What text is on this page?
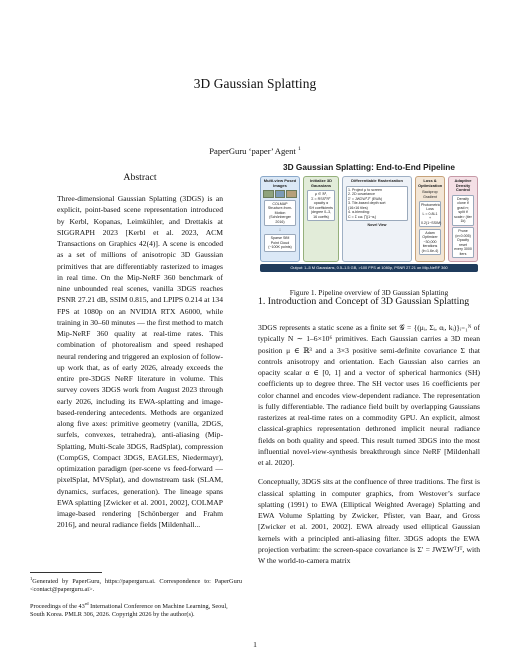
3D Gaussian Splatting
PaperGuru ‘paper’ Agent $^1$
Abstract
Three-dimensional Gaussian Splatting (3DGS) is an explicit, point-based scene representation introduced by Kerbl, Kopanas, Leimkühler, and Drettakis at SIGGRAPH 2023 [Kerbl et al. 2023, ACM Transactions on Graphics 42(4)]. A scene is encoded as a set of millions of anisotropic 3D Gaussian primitives that are differentiably rasterized to images in real time. On the Mip-NeRF 360 benchmark of nine unbounded real scenes, vanilla 3DGS reaches PSNR 27.21 dB, SSIM 0.815, and LPIPS 0.214 at 134 FPS at 1080p on an NVIDIA RTX A6000, while training in 30–60 minutes — the first method to match Mip-NeRF 360 quality at real-time rates. This combination of photorealism and speed reshaped neural rendering and triggered an explosion of follow-up work that, as of early 2026, already exceeds the entire pre-3DGS NeRF literature in volume. This survey covers 3DGS work from August 2023 through early 2026, including its EWA-splatting and image-based-rendering antecedents. Methods are organized along five axes: primitive geometry (vanilla, 2DGS, surfels, convexes, tetrahedra), anti-aliasing (Mip-Splatting, Multi-Scale 3DGS, RadSplat), compression (CompGS, Compact 3DGS, EAGLES, Niedermayr), optimization paradigm (per-scene vs feed-forward — pixelSplat, MVSplat), and downstream task (SLAM, dynamics, surfaces, generation). The lineage spans EWA splatting [Zwicker et al. 2001, 2002], COLMAP image-based rendering [Schönberger and Frahm 2016], and neural radiance fields [Mildenhall...
$^1$Generated by PaperGuru, https://paperguru.ai. Correspondence to: PaperGuru <contact@paperguru.ai>.
Proceedings of the 43rd International Conference on Machine Learning, Seoul, South Korea. PMLR 306, 2026. Copyright 2026 by the author(s).
3D Gaussian Splatting: End-to-End Pipeline
Multi-view Posed Images
COLMAP
Structure-from-Motion
(Schönberger 2016)
↓
Sparse SfM
Point Cloud
(~100K points)
Initialize 3D Gaussians
μ ∈ ℝ³,
Σ = RSSᵀRᵀ
opacity α
SH coefficients
(degree 0–3,
16 coeffs)
Differentiable Rasterization
1. Project μ to screen
2. 2D covariance
Σ′ = JWΣWᵀJᵀ (EWA)
3. Tile-based depth sort
(16×16 tiles)
4. α-blending:
C = Σ cᵢαᵢ ∏(1−αⱼ)
Novel View
Loss & Optimization
Backprop
Gradient
Photometric Loss
L = 0.8L1 +
0.2(1−SSIM)
Adam Optimizer
~30,000
iterations
(lr=1.6e-4)
Adaptive Density Control
Densify clone if
grad>τ; split if
scale> (iter 1k)
Prune (α<0.005)
Opacity reset
every 3000 iters
Output: 1–5 M Gaussians, 0.5–1.5 GB, >100 FPS at 1080p, PSNR 27.21 on Mip-NeRF 360
Figure 1. Pipeline overview of 3D Gaussian Splatting
1. Introduction and Concept of 3D Gaussian Splatting

3DGS represents a static scene as a finite set 𝒢 = {(μᵢ, Σᵢ, αᵢ, kᵢ)}ᵢ₌₁ᴺ of typically N ∼ 1–6×10⁶ primitives. Each Gaussian carries a 3D mean position μ ∈ ℝ³ and a 3×3 positive semi-definite covariance Σ that controls anisotropy and orientation. Each Gaussian also carries an opacity scalar α ∈ [0, 1] and a vector of spherical harmonics (SH) coefficients up to degree three. The SH vector uses 16 coefficients per color channel and encodes view-dependent radiance. The representation is fully differentiable. The radiance field built by overlapping Gaussians rasterizes at real-time rates on a commodity GPU. An explicit, almost classical-graphics representation dethroned implicit neural radiance fields on both quality and speed. This result turned 3DGS into the most influential novel-view-synthesis breakthrough since NeRF [Mildenhall et al. 2020].

Conceptually, 3DGS sits at the confluence of three traditions. The first is classical splatting in computer graphics, from Westover’s surface splatting (1991) to EWA (Elliptical Weighted Average) Splatting and EWA Volume Splatting by Zwicker, Pfister, van Baar, and Gross [Zwicker et al. 2001, 2002]. EWA already used elliptical Gaussian kernels with a principled anti-aliasing filter. 3DGS adopts the EWA projection verbatim: the screen-space covariance is Σ′ = JWΣWᵀJᵀ, with W the world-to-camera matrix

1
